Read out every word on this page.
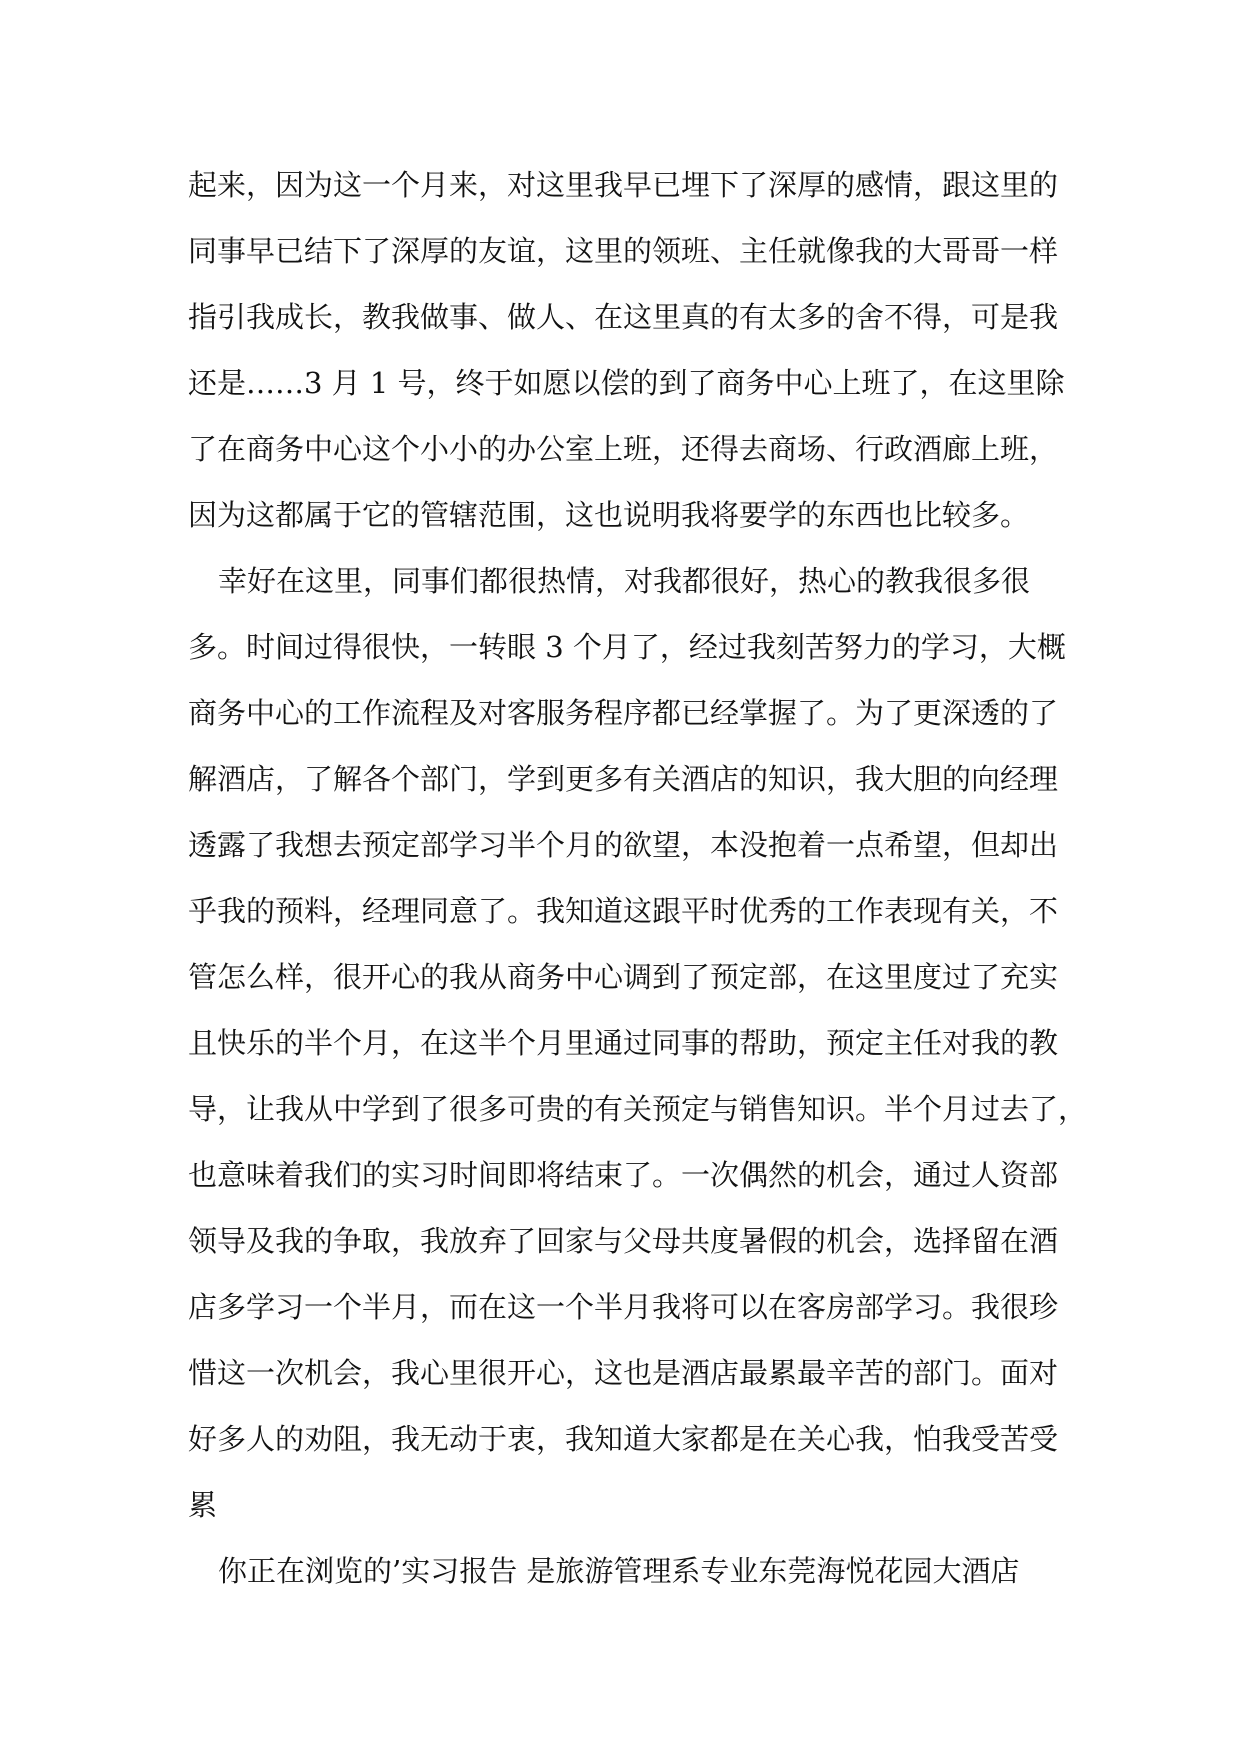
起来，因为这一个月来，对这里我早已埋下了深厚的感情，跟这里的
同事早已结下了深厚的友谊，这里的领班、主任就像我的大哥哥一样
指引我成长，教我做事、做人、在这里真的有太多的舍不得，可是我
还是……3 月 1 号，终于如愿以偿的到了商务中心上班了，在这里除
了在商务中心这个小小的办公室上班，还得去商场、行政酒廊上班，
因为这都属于它的管辖范围，这也说明我将要学的东西也比较多。
幸好在这里，同事们都很热情，对我都很好，热心的教我很多很
多。时间过得很快，一转眼 3 个月了，经过我刻苦努力的学习，大概
商务中心的工作流程及对客服务程序都已经掌握了。为了更深透的了
解酒店，了解各个部门，学到更多有关酒店的知识，我大胆的向经理
透露了我想去预定部学习半个月的欲望，本没抱着一点希望，但却出
乎我的预料，经理同意了。我知道这跟平时优秀的工作表现有关，不
管怎么样，很开心的我从商务中心调到了预定部，在这里度过了充实
且快乐的半个月，在这半个月里通过同事的帮助，预定主任对我的教
导，让我从中学到了很多可贵的有关预定与销售知识。半个月过去了，
也意味着我们的实习时间即将结束了。一次偶然的机会，通过人资部
领导及我的争取，我放弃了回家与父母共度暑假的机会，选择留在酒
店多学习一个半月，而在这一个半月我将可以在客房部学习。我很珍
惜这一次机会，我心里很开心，这也是酒店最累最辛苦的部门。面对
好多人的劝阻，我无动于衷，我知道大家都是在关心我，怕我受苦受
累
你正在浏览的’实习报告 是旅游管理系专业东莞海悦花园大酒店
